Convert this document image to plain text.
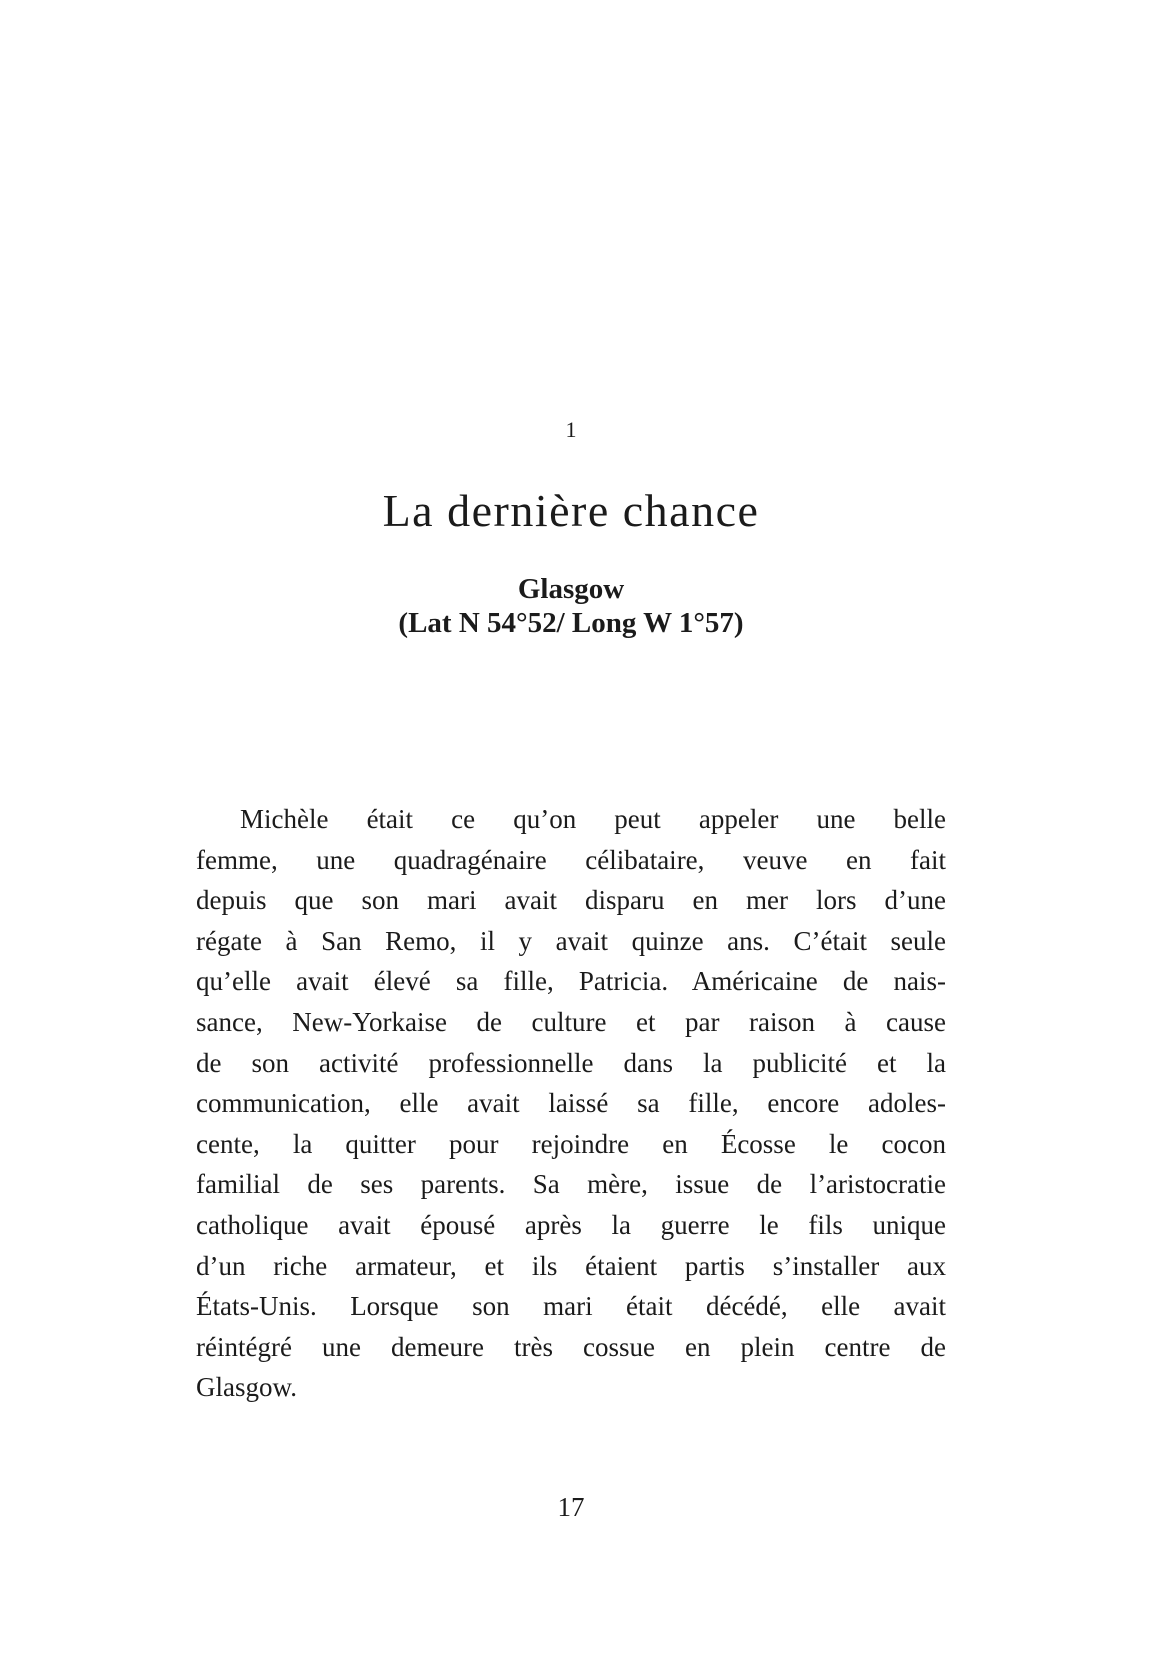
1
La dernière chance
Glasgow
(Lat N 54°52/ Long W 1°57)
Michèle était ce qu’on peut appeler une belle
femme, une quadragénaire célibataire, veuve en fait
depuis que son mari avait disparu en mer lors d’une
régate à San Remo, il y avait quinze ans. C’était seule
qu’elle avait élevé sa fille, Patricia. Américaine de nais-
sance, New-Yorkaise de culture et par raison à cause
de son activité professionnelle dans la publicité et la
communication, elle avait laissé sa fille, encore adoles-
cente, la quitter pour rejoindre en Écosse le cocon
familial de ses parents. Sa mère, issue de l’aristocratie
catholique avait épousé après la guerre le fils unique
d’un riche armateur, et ils étaient partis s’installer aux
États-Unis. Lorsque son mari était décédé, elle avait
réintégré une demeure très cossue en plein centre de
Glasgow.
17
